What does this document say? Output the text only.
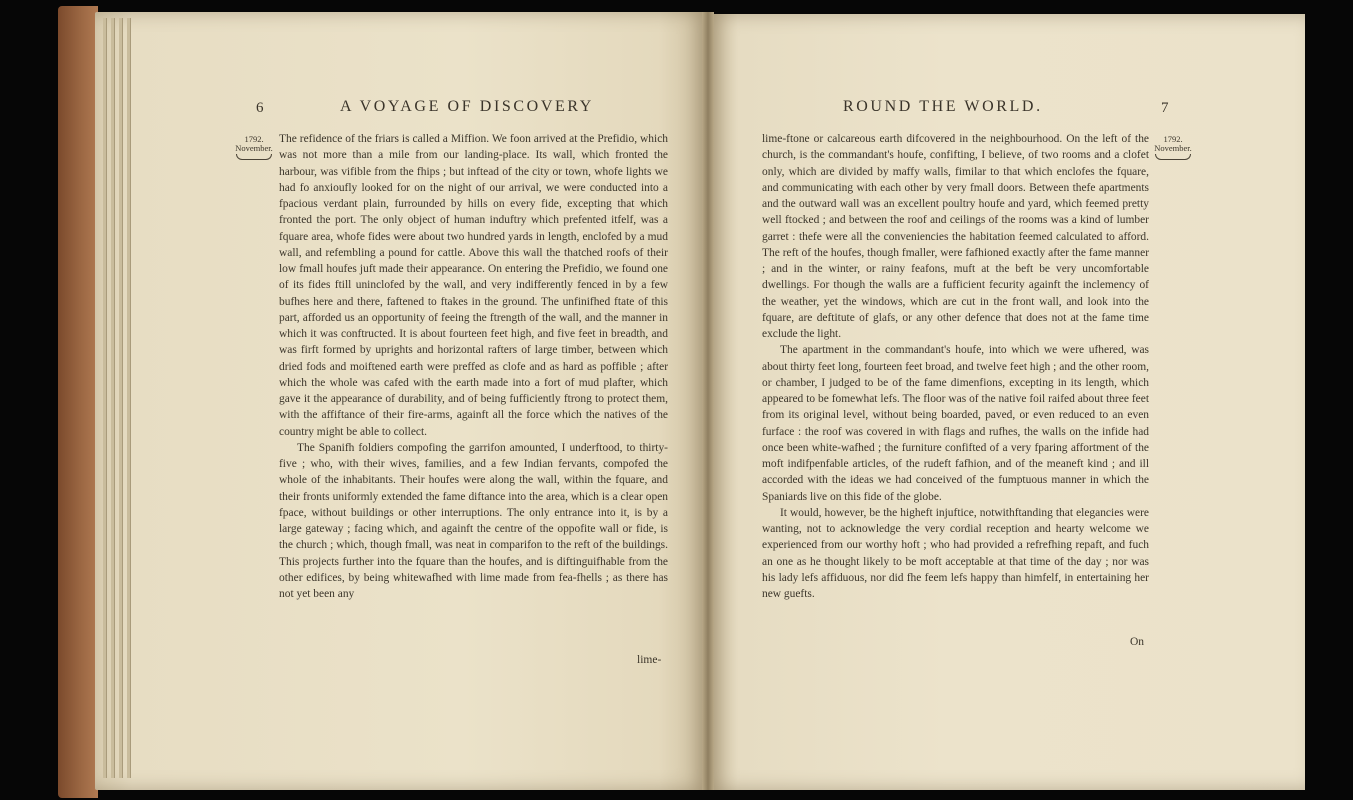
6	A VOYAGE OF DISCOVERY
1792.
November.

The refidence of the friars is called a Miffion. We foon arrived at the Prefidio, which was not more than a mile from our landing-place. Its wall, which fronted the harbour, was vifible from the fhips ; but inftead of the city or town, whofe lights we had fo anxioufly looked for on the night of our arrival, we were conducted into a fpacious verdant plain, furrounded by hills on every fide, excepting that which fronted the port. The only object of human induftry which prefented itfelf, was a fquare area, whofe fides were about two hundred yards in length, enclofed by a mud wall, and refembling a pound for cattle. Above this wall the thatched roofs of their low fmall houfes juft made their appearance. On entering the Prefidio, we found one of its fides ftill uninclofed by the wall, and very indifferently fenced in by a few bufhes here and there, faftened to ftakes in the ground. The unfinifhed ftate of this part, afforded us an opportunity of feeing the ftrength of the wall, and the manner in which it was conftructed. It is about fourteen feet high, and five feet in breadth, and was firft formed by uprights and horizontal rafters of large timber, between which dried fods and moiftened earth were preffed as clofe and as hard as poffible ; after which the whole was cafed with the earth made into a fort of mud plafter, which gave it the appearance of durability, and of being fufficiently ftrong to protect them, with the affiftance of their fire-arms, againft all the force which the natives of the country might be able to collect.

The Spanifh foldiers compofing the garrifon amounted, I underftood, to thirty-five ; who, with their wives, families, and a few Indian fervants, compofed the whole of the inhabitants. Their houfes were along the wall, within the fquare, and their fronts uniformly extended the fame diftance into the area, which is a clear open fpace, without buildings or other interruptions. The only entrance into it, is by a large gateway ; facing which, and againft the centre of the oppofite wall or fide, is the church ; which, though fmall, was neat in comparifon to the reft of the buildings. This projects further into the fquare than the houfes, and is diftinguifhable from the other edifices, by being whitewafhed with lime made from fea-fhells ; as there has not yet been any

lime-
ROUND THE WORLD.	7
1792.
November.

lime-ftone or calcareous earth difcovered in the neighbourhood. On the left of the church, is the commandant's houfe, confifting, I believe, of two rooms and a clofet only, which are divided by maffy walls, fimilar to that which enclofes the fquare, and communicating with each other by very fmall doors. Between thefe apartments and the outward wall was an excellent poultry houfe and yard, which feemed pretty well ftocked ; and between the roof and ceilings of the rooms was a kind of lumber garret : thefe were all the conveniencies the habitation feemed calculated to afford. The reft of the houfes, though fmaller, were fafhioned exactly after the fame manner ; and in the winter, or rainy feafons, muft at the beft be very uncomfortable dwellings. For though the walls are a fufficient fecurity againft the inclemency of the weather, yet the windows, which are cut in the front wall, and look into the fquare, are deftitute of glafs, or any other defence that does not at the fame time exclude the light.

The apartment in the commandant's houfe, into which we were ufhered, was about thirty feet long, fourteen feet broad, and twelve feet high ; and the other room, or chamber, I judged to be of the fame dimenfions, excepting in its length, which appeared to be fomewhat lefs. The floor was of the native foil raifed about three feet from its original level, without being boarded, paved, or even reduced to an even furface : the roof was covered in with flags and rufhes, the walls on the infide had once been white-wafhed ; the furniture confifted of a very fparing affortment of the moft indifpenfable articles, of the rudeft fafhion, and of the meaneft kind ; and ill accorded with the ideas we had conceived of the fumptuous manner in which the Spaniards live on this fide of the globe.

It would, however, be the higheft injuftice, notwithftanding that elegancies were wanting, not to acknowledge the very cordial reception and hearty welcome we experienced from our worthy hoft ; who had provided a refrefhing repaft, and fuch an one as he thought likely to be moft acceptable at that time of the day ; nor was his lady lefs affiduous, nor did fhe feem lefs happy than himfelf, in entertaining her new guefts.

On
